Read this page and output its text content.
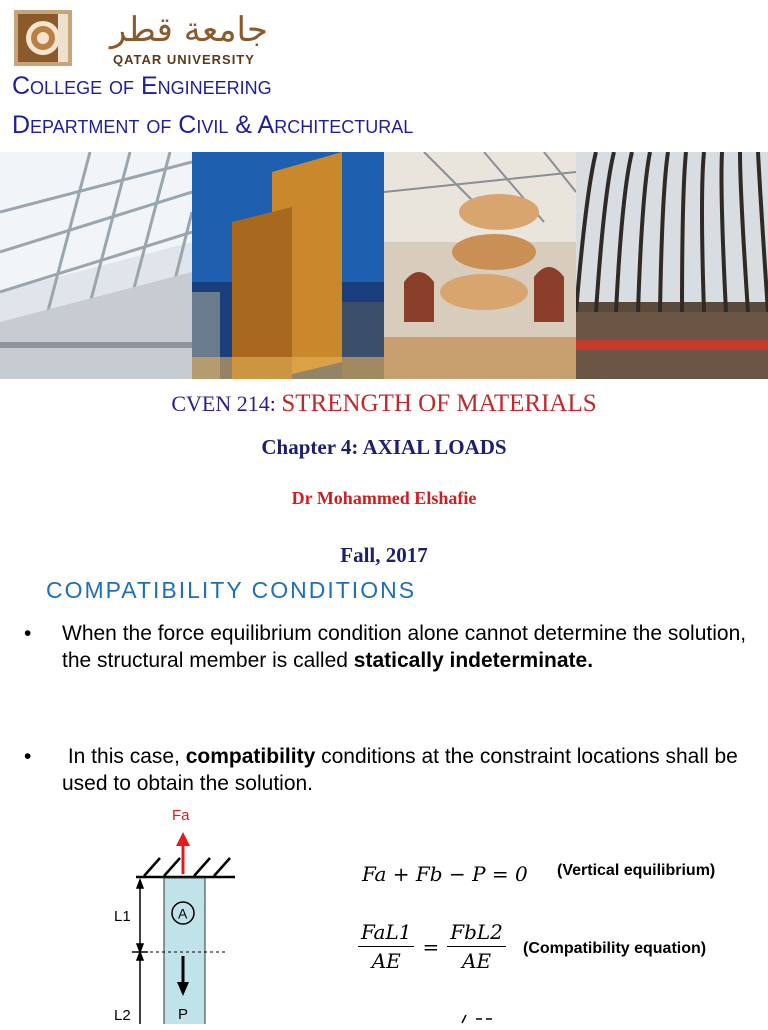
جامعة قطر
QATAR UNIVERSITY
College of Engineering
Department of Civil & Architectural
CVEN 214: STRENGTH OF MATERIALS
Chapter 4: AXIAL LOADS
Dr Mohammed Elshafie
Fall, 2017
COMPATIBILITY CONDITIONS
• When the force equilibrium condition alone cannot determine the solution, the structural member is called statically indeterminate.
• In this case, compatibility conditions at the constraint locations shall be used to obtain the solution.
Fa
L1
L2
A
P
Fa + Fb − P = 0 (Vertical equilibrium)
$\frac{\text{FaL1}}{AE} = \frac{\text{FbL2}}{AE}$ (Compatibility equation)
